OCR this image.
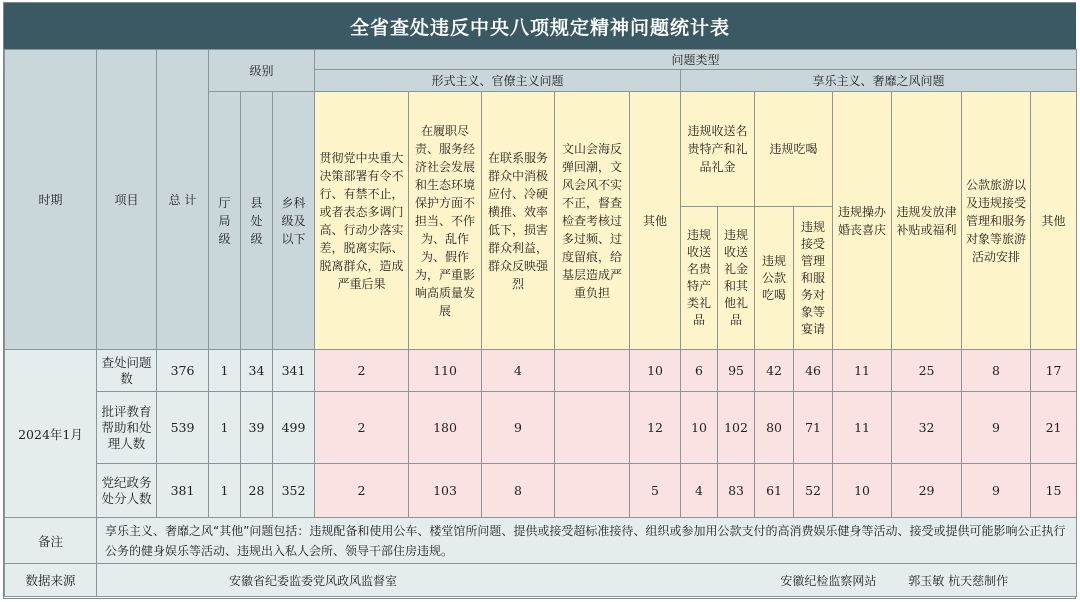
全省查处违反中央八项规定精神问题统计表
时期	项目	总 计	级别			问题类型												
						形式主义、官僚主义问题					享乐主义、奢靡之风问题							
			厅局级	县处级	乡科级及以下	贯彻党中央重大决策部署有令不行、有禁不止，或者表态多调门高、行动少落实差，脱离实际、脱离群众，造成严重后果	在履职尽责、服务经济社会发展和生态环境保护方面不担当、不作为、乱作为、假作为，严重影响高质量发展	在联系服务群众中消极应付、冷硬横推、效率低下，损害群众利益，群众反映强烈	文山会海反弹回潮，文风会风不实不正，督查检查考核过多过频、过度留痕，给基层造成严重负担	其他	违规收送名贵特产和礼品礼金		违规吃喝		违规操办婚丧喜庆	违规发放津补贴或福利	公款旅游以及违规接受管理和服务对象等旅游活动安排	其他
											违规收送名贵特产类礼品	违规收送礼金和其他礼品	违规公款吃喝	违规接受管理和服务对象等宴请				
2024年1月	查处问题数	376	1	34	341	2	110	4		10	6	95	42	46	11	25	8	17
	批评教育帮助和处理人数	539	1	39	499	2	180	9		12	10	102	80	71	11	32	9	21
	党纪政务处分人数	381	1	28	352	2	103	8		5	4	83	61	52	10	29	9	15
备注	享乐主义、奢靡之风“其他”问题包括：违规配备和使用公车、楼堂馆所问题、提供或接受超标准接待、组织或参加用公款支付的高消费娱乐健身等活动、接受或提供可能影响公正执行公务的健身娱乐等活动、违规出入私人会所、领导干部住房违规。																	
数据来源	安徽省纪委监委党风政风监督室 安徽纪检监察网站 郭玉敏 杭天慈制作																	
